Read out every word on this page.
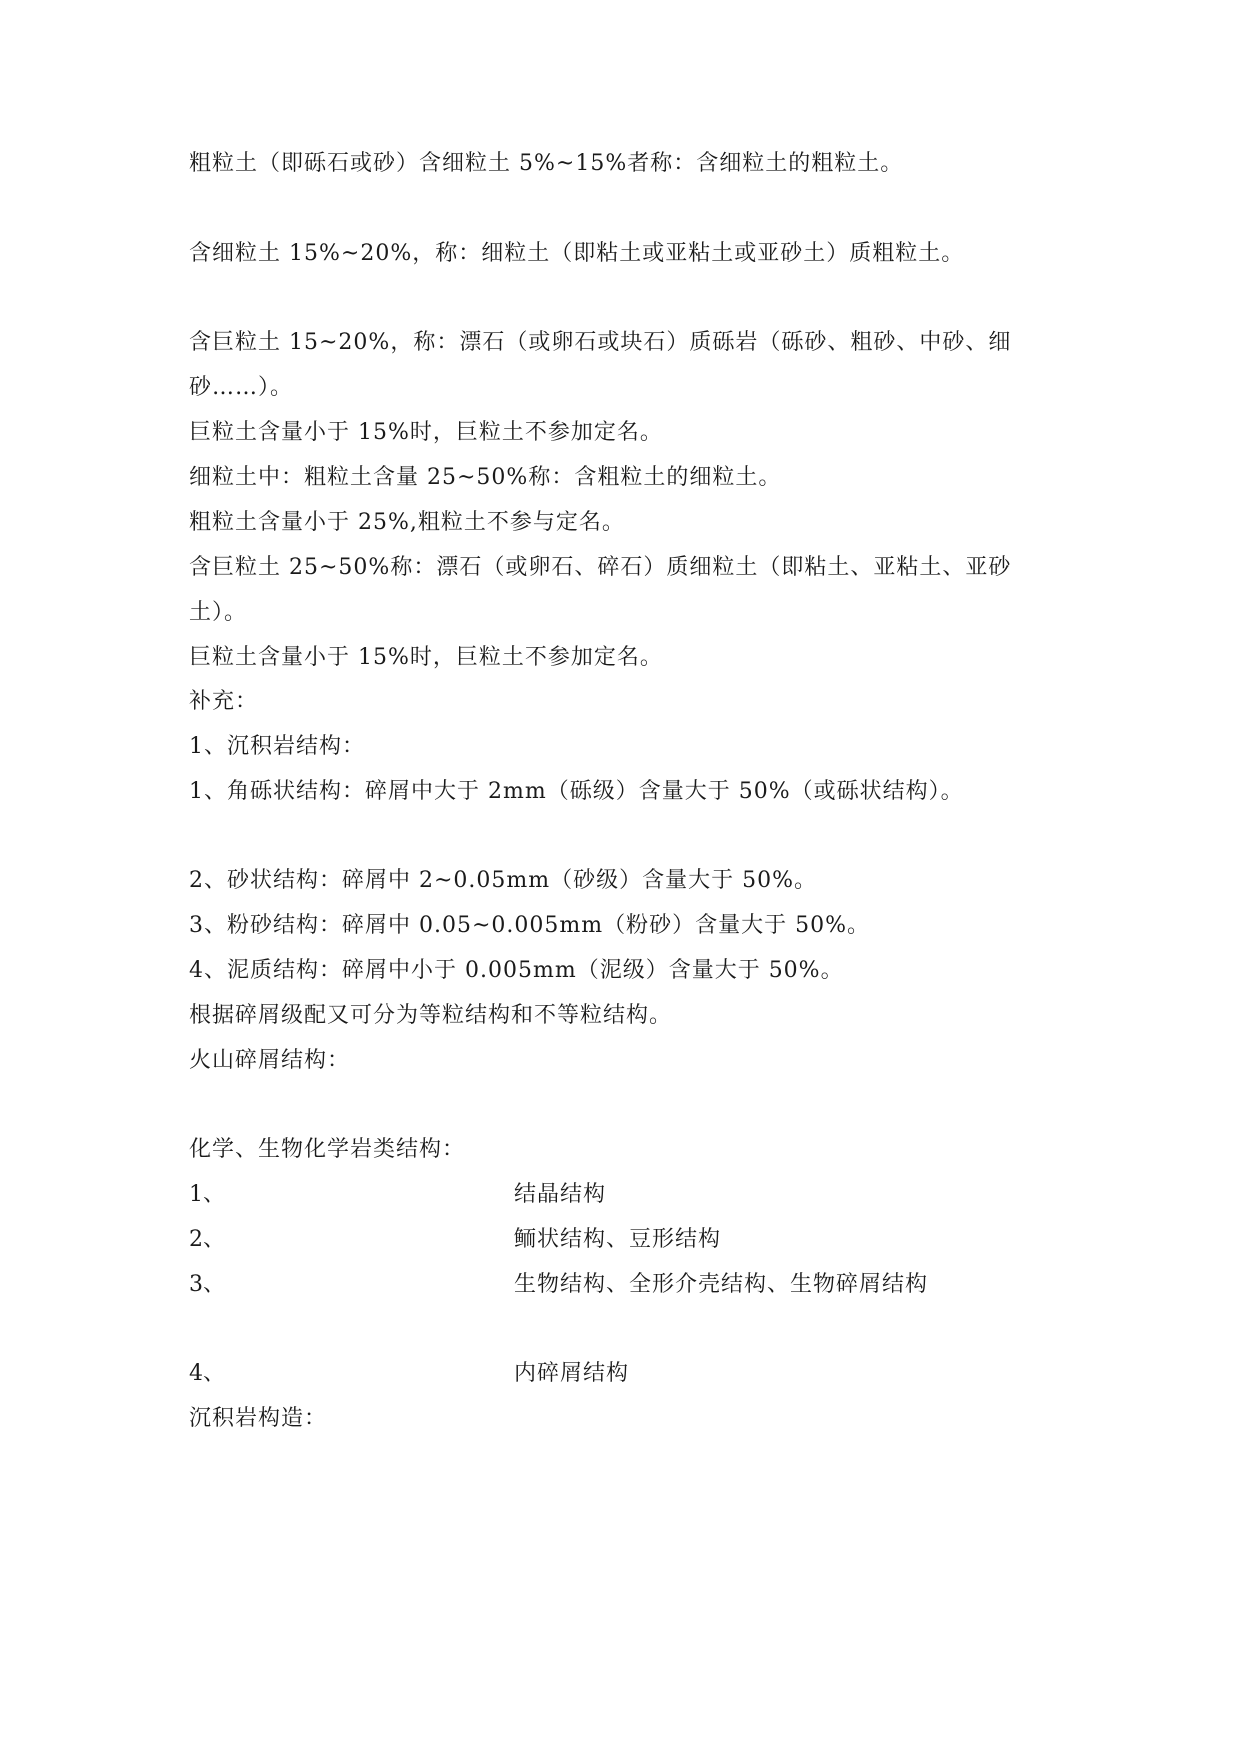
粗粒土（即砾石或砂）含细粒土 5%~15%者称：含细粒土的粗粒土。
含细粒土 15%~20%，称：细粒土（即粘土或亚粘土或亚砂土）质粗粒土。
含巨粒土 15~20%，称：漂石（或卵石或块石）质砾岩（砾砂、粗砂、中砂、细
砂……）。
巨粒土含量小于 15%时，巨粒土不参加定名。
细粒土中：粗粒土含量 25~50%称：含粗粒土的细粒土。
粗粒土含量小于 25%,粗粒土不参与定名。
含巨粒土 25~50%称：漂石（或卵石、碎石）质细粒土（即粘土、亚粘土、亚砂
土）。
巨粒土含量小于 15%时，巨粒土不参加定名。
补充：
1、沉积岩结构：
1、角砾状结构：碎屑中大于 2mm（砾级）含量大于 50%（或砾状结构）。
2、砂状结构：碎屑中 2~0.05mm（砂级）含量大于 50%。
3、粉砂结构：碎屑中 0.05~0.005mm（粉砂）含量大于 50%。
4、泥质结构：碎屑中小于 0.005mm（泥级）含量大于 50%。
根据碎屑级配又可分为等粒结构和不等粒结构。
火山碎屑结构：
化学、生物化学岩类结构：
1、	结晶结构
2、	鲕状结构、豆形结构
3、	生物结构、全形介壳结构、生物碎屑结构
4、	内碎屑结构
沉积岩构造：
